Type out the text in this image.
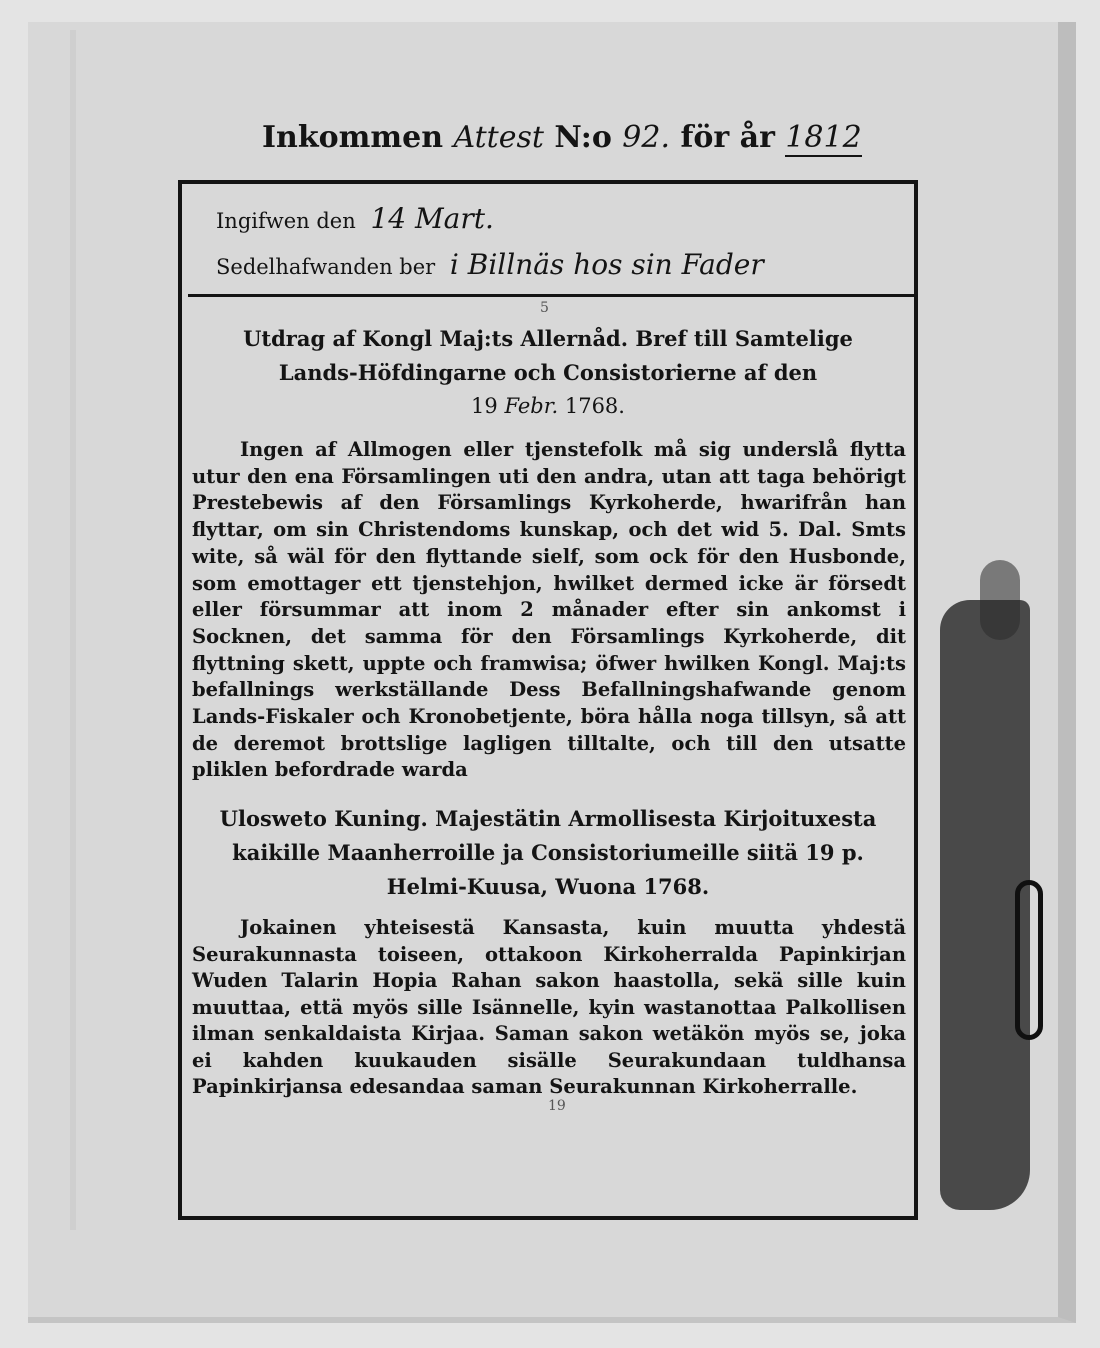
Inkommen Attest N:o 92. för år 1812
Ingifwen den 14 Mart.
Sedelhafwanden ber i Billnäs hos sin Fader
5
Utdrag af Kongl Maj:ts Allernåd. Bref till Samtelige
Lands-Höfdingarne och Consistorierne af den
19 Febr. 1768.
Ingen af Allmogen eller tjenstefolk må sig underslå flytta utur den ena Församlingen uti den andra, utan att taga behörigt Prestebewis af den Församlings Kyrkoherde, hwarifrån han flyttar, om sin Christendoms kunskap, och det wid 5. Dal. Smts wite, så wäl för den flyttande sielf, som ock för den Husbonde, som emottager ett tjenstehjon, hwilket dermed icke är försedt eller försummar att inom 2 månader efter sin ankomst i Socknen, det samma för den Församlings Kyrkoherde, dit flyttning skett, uppte och framwisa; öfwer hwilken Kongl. Maj:ts befallnings werkställande Dess Befallningshafwande genom Lands-Fiskaler och Kronobetjente, böra hålla noga tillsyn, så att de deremot brottslige lagligen tilltalte, och till den utsatte pliklen befordrade warda
Ulosweto Kuning. Majestätin Armollisesta Kirjoituxesta
kaikille Maanherroille ja Consistoriumeille siitä 19 p.
Helmi-Kuusa, Wuona 1768.
Jokainen yhteisestä Kansasta, kuin muutta yhdestä Seurakunnasta toiseen, ottakoon Kirkoherralda Papinkirjan Wuden Talarin Hopia Rahan sakon haastolla, sekä sille kuin muuttaa, että myös sille Isännelle, kyin wastanottaa Palkollisen ilman senkaldaista Kirjaa. Saman sakon wetäkön myös se, joka ei kahden kuukauden sisälle Seurakundaan tuldhansa Papinkirjansa edesandaa saman Seurakunnan Kirkoherralle.
19
